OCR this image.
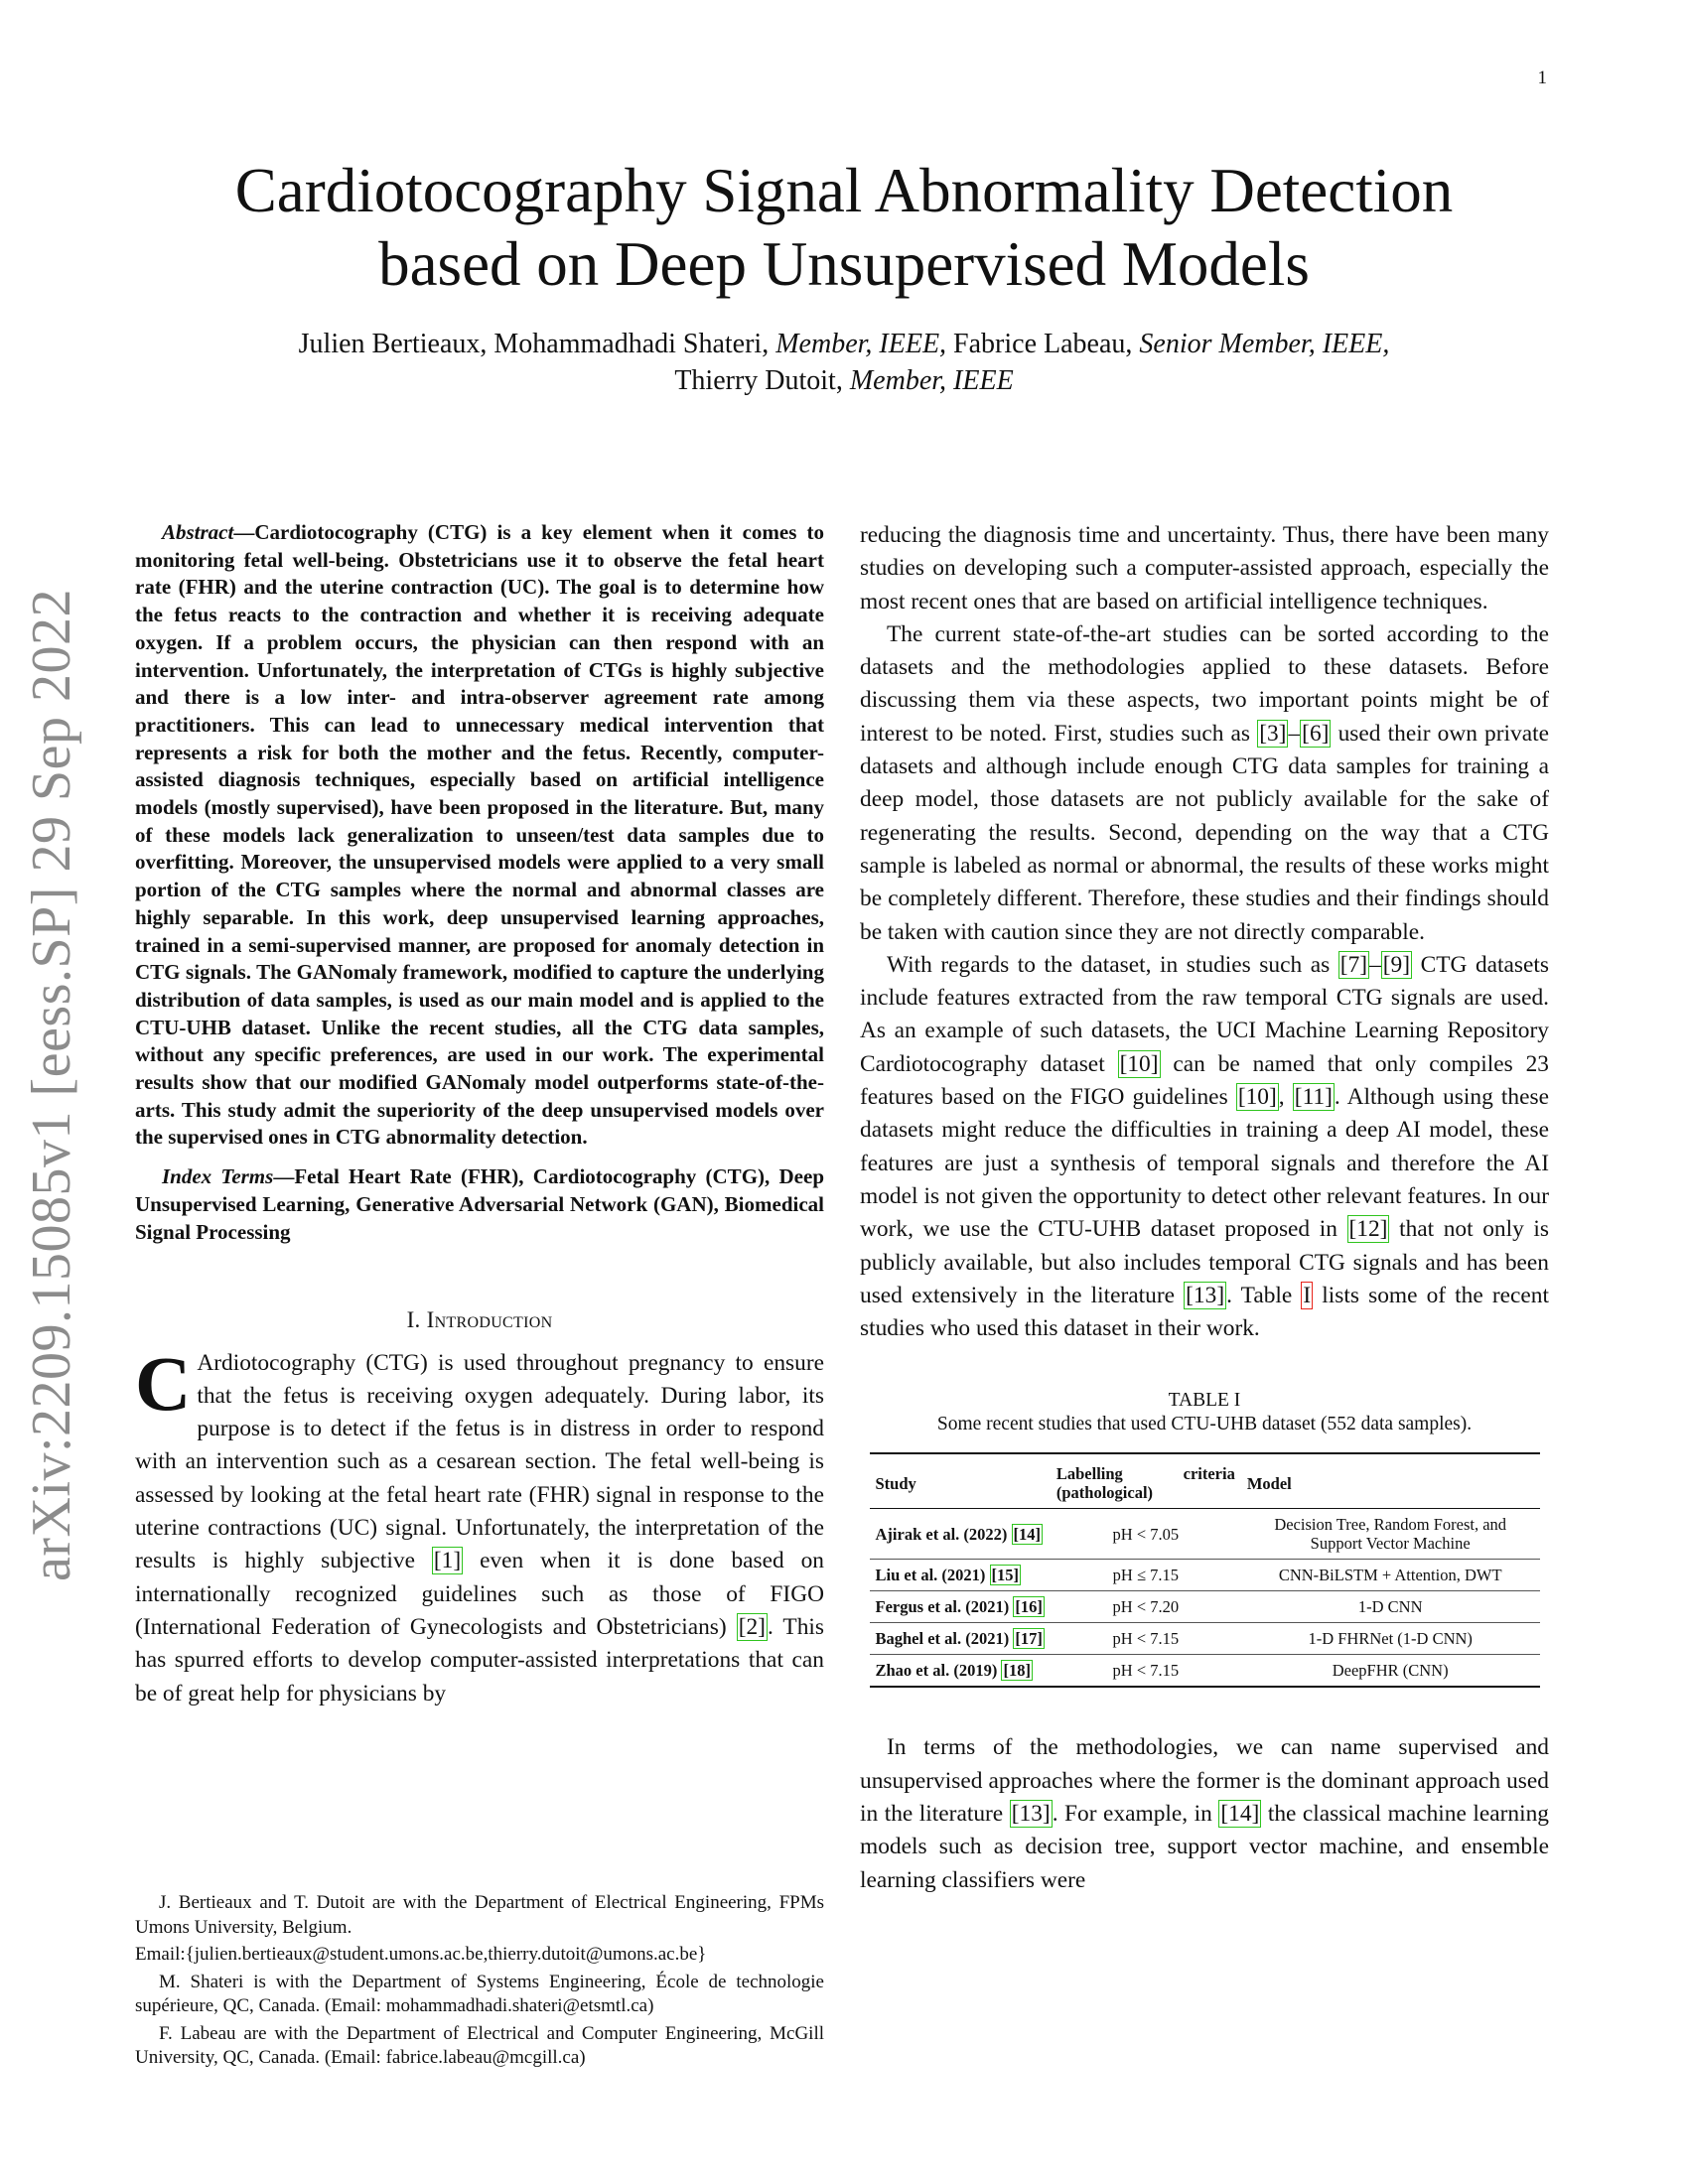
1
arXiv:2209.15085v1 [eess.SP] 29 Sep 2022
Cardiotocography Signal Abnormality Detection
based on Deep Unsupervised Models
Julien Bertieaux, Mohammadhadi Shateri, Member, IEEE, Fabrice Labeau, Senior Member, IEEE,
Thierry Dutoit, Member, IEEE
Abstract—Cardiotocography (CTG) is a key element when it comes to monitoring fetal well-being. Obstetricians use it to observe the fetal heart rate (FHR) and the uterine contraction (UC). The goal is to determine how the fetus reacts to the contraction and whether it is receiving adequate oxygen. If a problem occurs, the physician can then respond with an intervention. Unfortunately, the interpretation of CTGs is highly subjective and there is a low inter- and intra-observer agreement rate among practitioners. This can lead to unnecessary medical intervention that represents a risk for both the mother and the fetus. Recently, computer-assisted diagnosis techniques, especially based on artificial intelligence models (mostly supervised), have been proposed in the literature. But, many of these models lack generalization to unseen/test data samples due to overfitting. Moreover, the unsupervised models were applied to a very small portion of the CTG samples where the normal and abnormal classes are highly separable. In this work, deep unsupervised learning approaches, trained in a semi-supervised manner, are proposed for anomaly detection in CTG signals. The GANomaly framework, modified to capture the underlying distribution of data samples, is used as our main model and is applied to the CTU-UHB dataset. Unlike the recent studies, all the CTG data samples, without any specific preferences, are used in our work. The experimental results show that our modified GANomaly model outperforms state-of-the-arts. This study admit the superiority of the deep unsupervised models over the supervised ones in CTG abnormality detection.
Index Terms—Fetal Heart Rate (FHR), Cardiotocography (CTG), Deep Unsupervised Learning, Generative Adversarial Network (GAN), Biomedical Signal Processing
I. Introduction
C Ardiotocography (CTG) is used throughout pregnancy to ensure that the fetus is receiving oxygen adequately. During labor, its purpose is to detect if the fetus is in distress in order to respond with an intervention such as a cesarean section. The fetal well-being is assessed by looking at the fetal heart rate (FHR) signal in response to the uterine contractions (UC) signal. Unfortunately, the interpretation of the results is highly subjective [1] even when it is done based on internationally recognized guidelines such as those of FIGO (International Federation of Gynecologists and Obstetricians) [2]. This has spurred efforts to develop computer-assisted interpretations that can be of great help for physicians by

J. Bertieaux and T. Dutoit are with the Department of Electrical Engineering, FPMs Umons University, Belgium.

Email:{julien.bertieaux@student.umons.ac.be,thierry.dutoit@umons.ac.be}

M. Shateri is with the Department of Systems Engineering, École de technologie supérieure, QC, Canada. (Email: mohammadhadi.shateri@etsmtl.ca)

F. Labeau are with the Department of Electrical and Computer Engineering, McGill University, QC, Canada. (Email: fabrice.labeau@mcgill.ca)

reducing the diagnosis time and uncertainty. Thus, there have been many studies on developing such a computer-assisted approach, especially the most recent ones that are based on artificial intelligence techniques.

The current state-of-the-art studies can be sorted according to the datasets and the methodologies applied to these datasets. Before discussing them via these aspects, two important points might be of interest to be noted. First, studies such as [3]–[6] used their own private datasets and although include enough CTG data samples for training a deep model, those datasets are not publicly available for the sake of regenerating the results. Second, depending on the way that a CTG sample is labeled as normal or abnormal, the results of these works might be completely different. Therefore, these studies and their findings should be taken with caution since they are not directly comparable.

With regards to the dataset, in studies such as [7]–[9] CTG datasets include features extracted from the raw temporal CTG signals are used. As an example of such datasets, the UCI Machine Learning Repository Cardiotocography dataset [10] can be named that only compiles 23 features based on the FIGO guidelines [10], [11]. Although using these datasets might reduce the difficulties in training a deep AI model, these features are just a synthesis of temporal signals and therefore the AI model is not given the opportunity to detect other relevant features. In our work, we use the CTU-UHB dataset proposed in [12] that not only is publicly available, but also includes temporal CTG signals and has been used extensively in the literature [13]. Table I lists some of the recent studies who used this dataset in their work.

TABLE I
Some recent studies that used CTU-UHB dataset (552 data samples).
Study	Labelling criteria (pathological)	Model
Ajirak et al. (2022) [14]	pH < 7.05	Decision Tree, Random Forest, and Support Vector Machine
Liu et al. (2021) [15]	pH ≤ 7.15	CNN-BiLSTM + Attention, DWT
Fergus et al. (2021) [16]	pH < 7.20	1-D CNN
Baghel et al. (2021) [17]	pH < 7.15	1-D FHRNet (1-D CNN)
Zhao et al. (2019) [18]	pH < 7.15	DeepFHR (CNN)

In terms of the methodologies, we can name supervised and unsupervised approaches where the former is the dominant approach used in the literature [13]. For example, in [14] the classical machine learning models such as decision tree, support vector machine, and ensemble learning classifiers were
